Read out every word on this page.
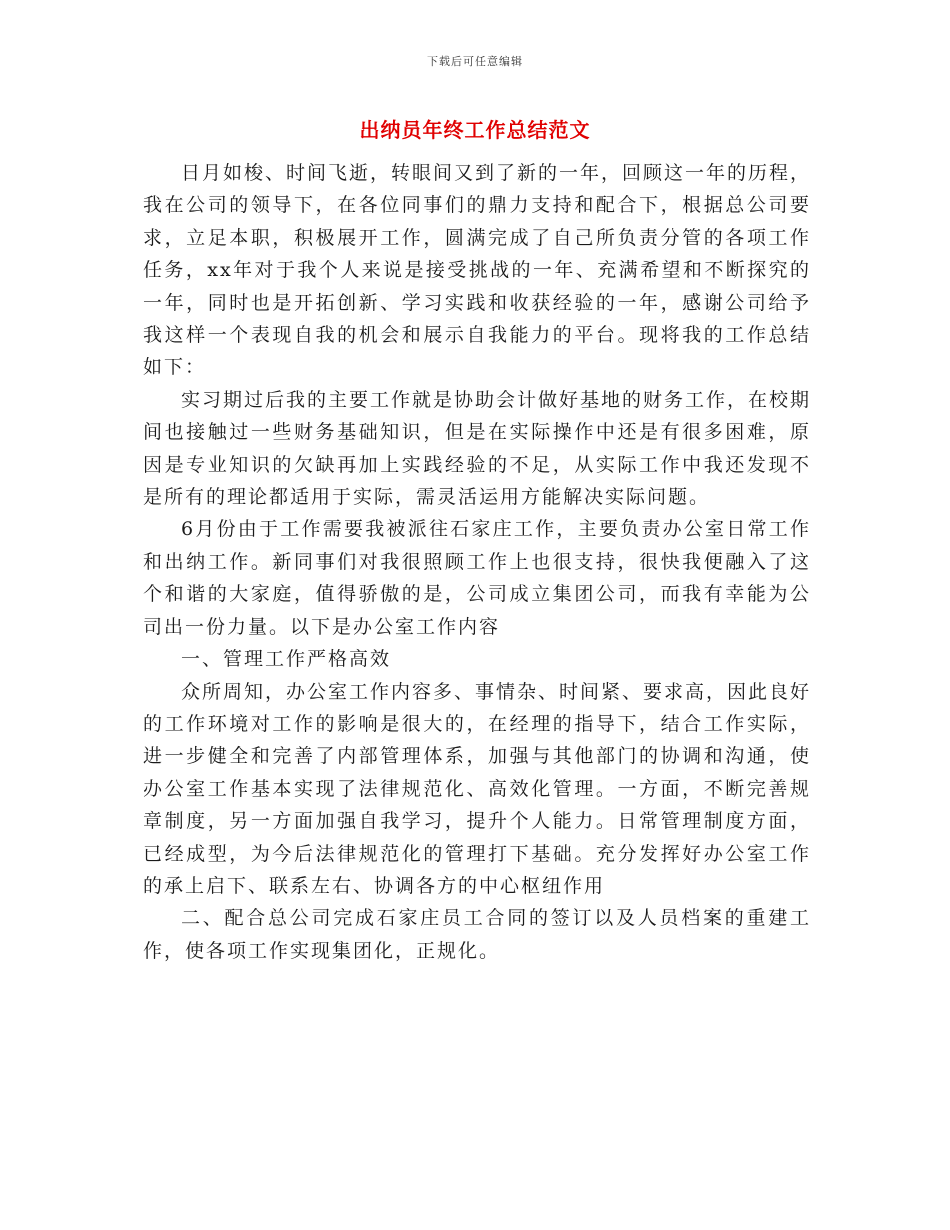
下载后可任意编辑
出纳员年终工作总结范文

日月如梭、时间飞逝，转眼间又到了新的一年，回顾这一年的历程，我在公司的领导下，在各位同事们的鼎力支持和配合下，根据总公司要求，立足本职，积极展开工作，圆满完成了自己所负责分管的各项工作任务，xx年对于我个人来说是接受挑战的一年、充满希望和不断探究的一年，同时也是开拓创新、学习实践和收获经验的一年，感谢公司给予我这样一个表现自我的机会和展示自我能力的平台。现将我的工作总结如下：

实习期过后我的主要工作就是协助会计做好基地的财务工作，在校期间也接触过一些财务基础知识，但是在实际操作中还是有很多困难，原因是专业知识的欠缺再加上实践经验的不足，从实际工作中我还发现不是所有的理论都适用于实际，需灵活运用方能解决实际问题。

6月份由于工作需要我被派往石家庄工作，主要负责办公室日常工作和出纳工作。新同事们对我很照顾工作上也很支持，很快我便融入了这个和谐的大家庭，值得骄傲的是，公司成立集团公司，而我有幸能为公司出一份力量。以下是办公室工作内容

一、管理工作严格高效

众所周知，办公室工作内容多、事情杂、时间紧、要求高，因此良好的工作环境对工作的影响是很大的，在经理的指导下，结合工作实际，进一步健全和完善了内部管理体系，加强与其他部门的协调和沟通，使办公室工作基本实现了法律规范化、高效化管理。一方面，不断完善规章制度，另一方面加强自我学习，提升个人能力。日常管理制度方面，已经成型，为今后法律规范化的管理打下基础。充分发挥好办公室工作的承上启下、联系左右、协调各方的中心枢纽作用

二、配合总公司完成石家庄员工合同的签订以及人员档案的重建工作，使各项工作实现集团化，正规化。
